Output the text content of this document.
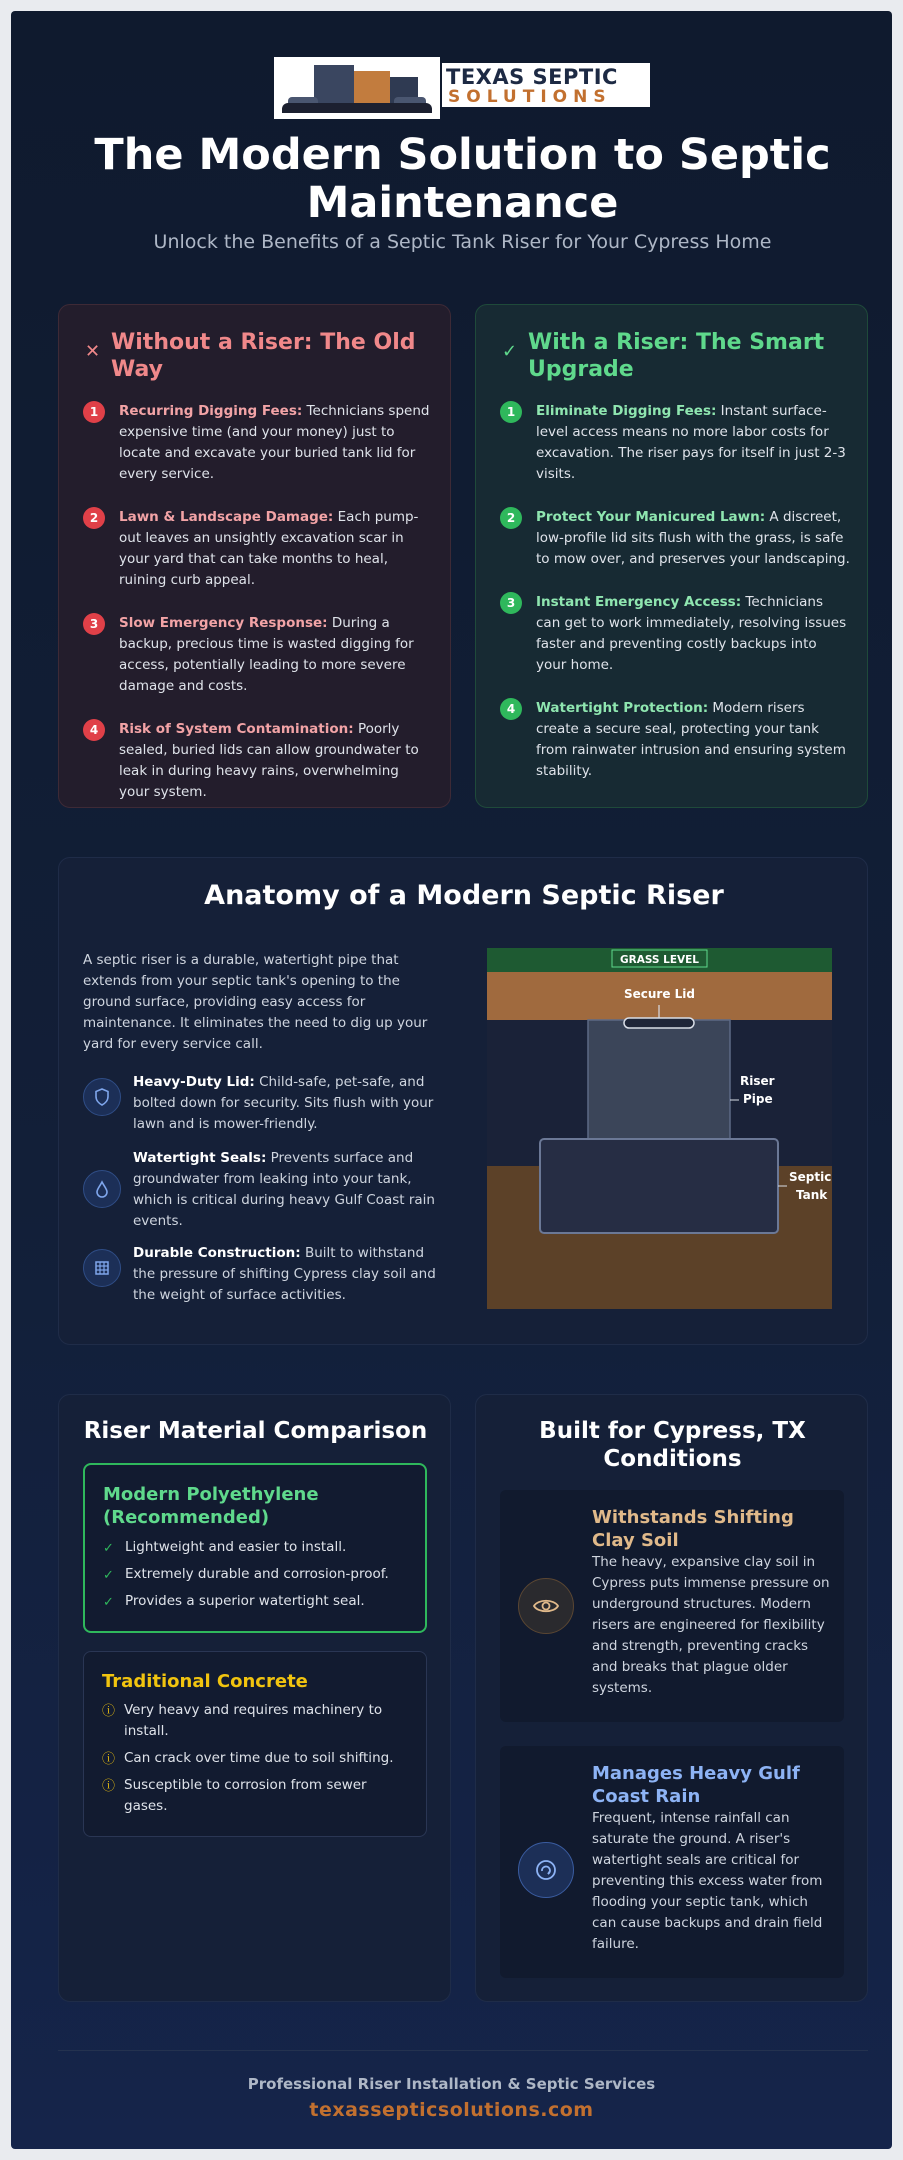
TEXAS SEPTIC
SOLUTIONS
The Modern Solution to Septic Maintenance
Unlock the Benefits of a Septic Tank Riser for Your Cypress Home
✕ Without a Riser: The Old Way
1	Recurring Digging Fees: Technicians spend expensive time (and your money) just to locate and excavate your buried tank lid for every service.
2	Lawn & Landscape Damage: Each pump-out leaves an unsightly excavation scar in your yard that can take months to heal, ruining curb appeal.
3	Slow Emergency Response: During a backup, precious time is wasted digging for access, potentially leading to more severe damage and costs.
4	Risk of System Contamination: Poorly sealed, buried lids can allow groundwater to leak in during heavy rains, overwhelming your system.
✓ With a Riser: The Smart Upgrade
1	Eliminate Digging Fees: Instant surface-level access means no more labor costs for excavation. The riser pays for itself in just 2-3 visits.
2	Protect Your Manicured Lawn: A discreet, low-profile lid sits flush with the grass, is safe to mow over, and preserves your landscaping.
3	Instant Emergency Access: Technicians can get to work immediately, resolving issues faster and preventing costly backups into your home.
4	Watertight Protection: Modern risers create a secure seal, protecting your tank from rainwater intrusion and ensuring system stability.
Anatomy of a Modern Septic Riser
A septic riser is a durable, watertight pipe that extends from your septic tank's opening to the ground surface, providing easy access for maintenance. It eliminates the need to dig up your yard for every service call.
Heavy-Duty Lid: Child-safe, pet-safe, and bolted down for security. Sits flush with your lawn and is mower-friendly.
Watertight Seals: Prevents surface and groundwater from leaking into your tank, which is critical during heavy Gulf Coast rain events.
Durable Construction: Built to withstand the pressure of shifting Cypress clay soil and the weight of surface activities.
GRASS LEVEL
Secure Lid
Riser
Pipe
Septic
Tank
Riser Material Comparison
Modern Polyethylene (Recommended)
✓ Lightweight and easier to install.
✓ Extremely durable and corrosion-proof.
✓ Provides a superior watertight seal.
Traditional Concrete
ⓘ Very heavy and requires machinery to install.
ⓘ Can crack over time due to soil shifting.
ⓘ Susceptible to corrosion from sewer gases.
Built for Cypress, TX Conditions
Withstands Shifting Clay Soil
The heavy, expansive clay soil in Cypress puts immense pressure on underground structures. Modern risers are engineered for flexibility and strength, preventing cracks and breaks that plague older systems.
Manages Heavy Gulf Coast Rain
Frequent, intense rainfall can saturate the ground. A riser's watertight seals are critical for preventing this excess water from flooding your septic tank, which can cause backups and drain field failure.
Professional Riser Installation & Septic Services
texassepticsolutions.com
